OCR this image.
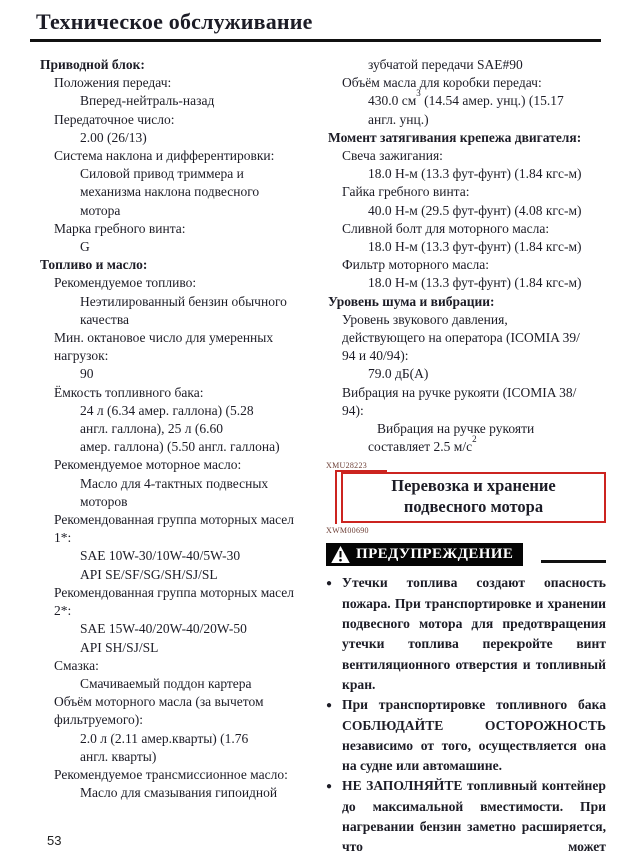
Техническое обслуживание
Приводной блок:
Положения передач:
Вперед-нейтраль-назад
Передаточное число:
2.00 (26/13)
Система наклона и дифферентировки:
Силовой привод триммера и
механизма наклона подвесного
мотора
Марка гребного винта:
G
Топливо и масло:
Рекомендуемое топливо:
Неэтилированный бензин обычного
качества
Мин. октановое число для умеренных
нагрузок:
90
Ёмкость топливного бака:
24 л (6.34 амер. галлона) (5.28
англ. галлона), 25 л (6.60
амер. галлона) (5.50 англ. галлона)
Рекомендуемое моторное масло:
Масло для 4-тактных подвесных
моторов
Рекомендованная группа моторных масел
1*:
SAE 10W-30/10W-40/5W-30
API SE/SF/SG/SH/SJ/SL
Рекомендованная группа моторных масел
2*:
SAE 15W-40/20W-40/20W-50
API SH/SJ/SL
Смазка:
Смачиваемый поддон картера
Объём моторного масла (за вычетом
фильтруемого):
2.0 л (2.11 амер.кварты) (1.76
англ. кварты)
Рекомендуемое трансмиссионное масло:
Масло для смазывания гипоидной
зубчатой передачи SAE#90
Объём масла для коробки передач:
430.0 $см^3$ (14.54 амер. унц.) (15.17
англ. унц.)
Момент затягивания крепежа двигателя:
Свеча зажигания:
18.0 Н-м (13.3 фут-фунт) (1.84 кгс-м)
Гайка гребного винта:
40.0 Н-м (29.5 фут-фунт) (4.08 кгс-м)
Сливной болт для моторного масла:
18.0 Н-м (13.3 фут-фунт) (1.84 кгс-м)
Фильтр моторного масла:
18.0 Н-м (13.3 фут-фунт) (1.84 кгс-м)
Уровень шума и вибрации:
Уровень звукового давления,
действующего на оператора (ICOMIA 39/
94 и 40/94):
79.0 дБ(А)
Вибрация на ручке рукояти (ICOMIA 38/
94):
Вибрация на ручке рукояти
составляет 2.5 $м/с^2$
XMU28223
Перевозка и хранение
подвесного мотора
XWM00690
ПРЕДУПРЕЖДЕНИЕ
● Утечки топлива создают опасность пожара. При транспортировке и хранении подвесного мотора для предотвращения утечки топлива перекройте винт вентиляционного отверстия и топливный кран.
● При транспортировке топливного бака СОБЛЮДАЙТЕ ОСТОРОЖНОСТЬ независимо от того, осуществляется она на судне или автомашине.
● НЕ ЗАПОЛНЯЙТЕ топливный контейнер до максимальной вместимости. При нагревании бензин заметно расширяется, что может
53
